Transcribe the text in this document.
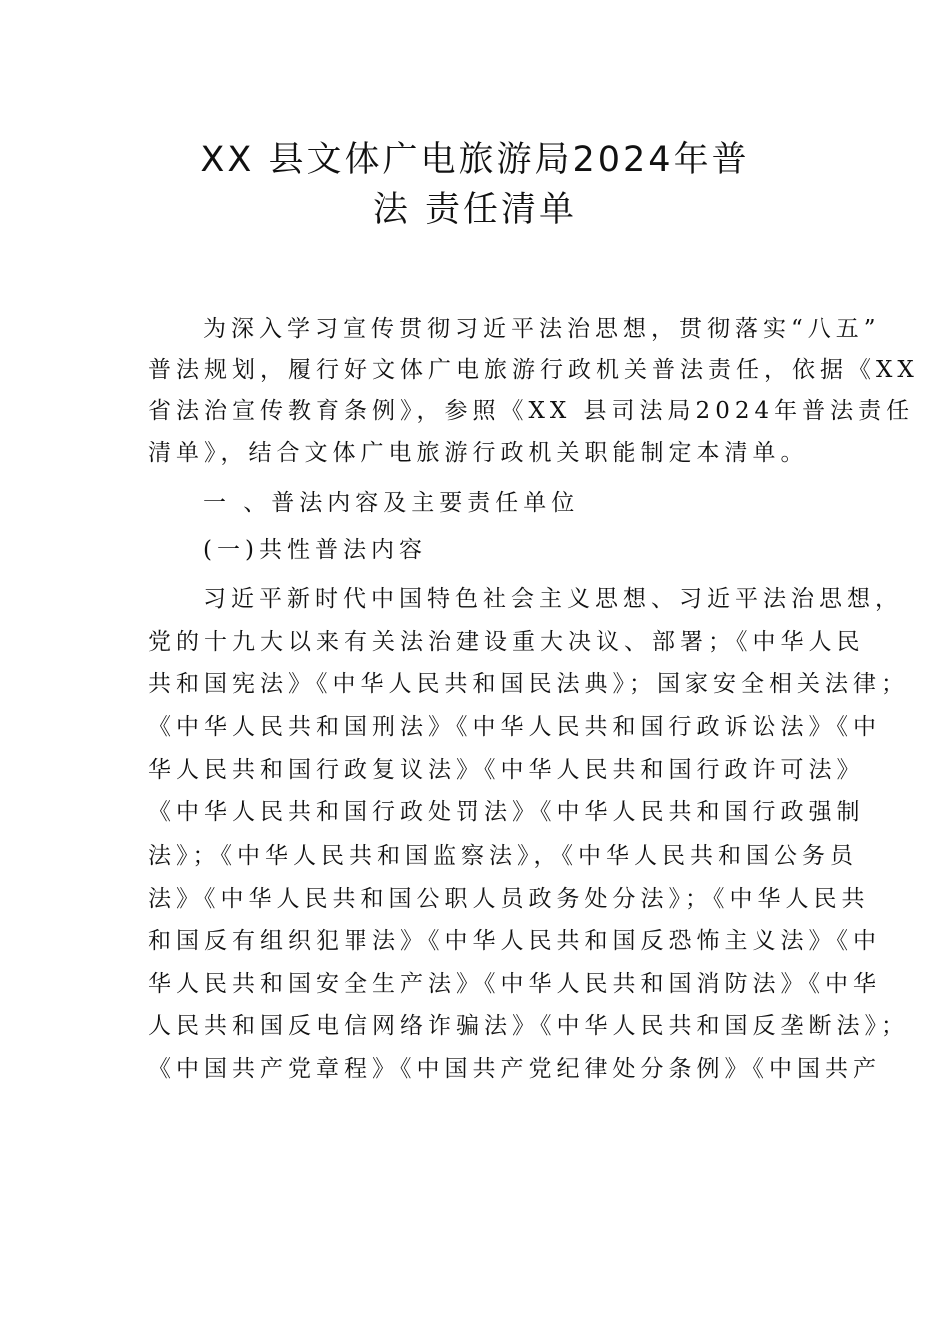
XX 县文体广电旅游局2024年普
法 责任清单
为深入学习宣传贯彻习近平法治思想，贯彻落实“八五”
普法规划，履行好文体广电旅游行政机关普法责任，依据《XX
省法治宣传教育条例》，参照《XX 县司法局2024年普法责任
清单》，结合文体广电旅游行政机关职能制定本清单。
一 、普法内容及主要责任单位
(一)共性普法内容
习近平新时代中国特色社会主义思想、习近平法治思想，
党的十九大以来有关法治建设重大决议、部署；《中华人民
共和国宪法》《中华人民共和国民法典》；国家安全相关法律；
《中华人民共和国刑法》《中华人民共和国行政诉讼法》《中
华人民共和国行政复议法》《中华人民共和国行政许可法》
《中华人民共和国行政处罚法》《中华人民共和国行政强制
法》；《中华人民共和国监察法》，《中华人民共和国公务员
法》《中华人民共和国公职人员政务处分法》；《中华人民共
和国反有组织犯罪法》《中华人民共和国反恐怖主义法》《中
华人民共和国安全生产法》《中华人民共和国消防法》《中华
人民共和国反电信网络诈骗法》《中华人民共和国反垄断法》；
《中国共产党章程》《中国共产党纪律处分条例》《中国共产
